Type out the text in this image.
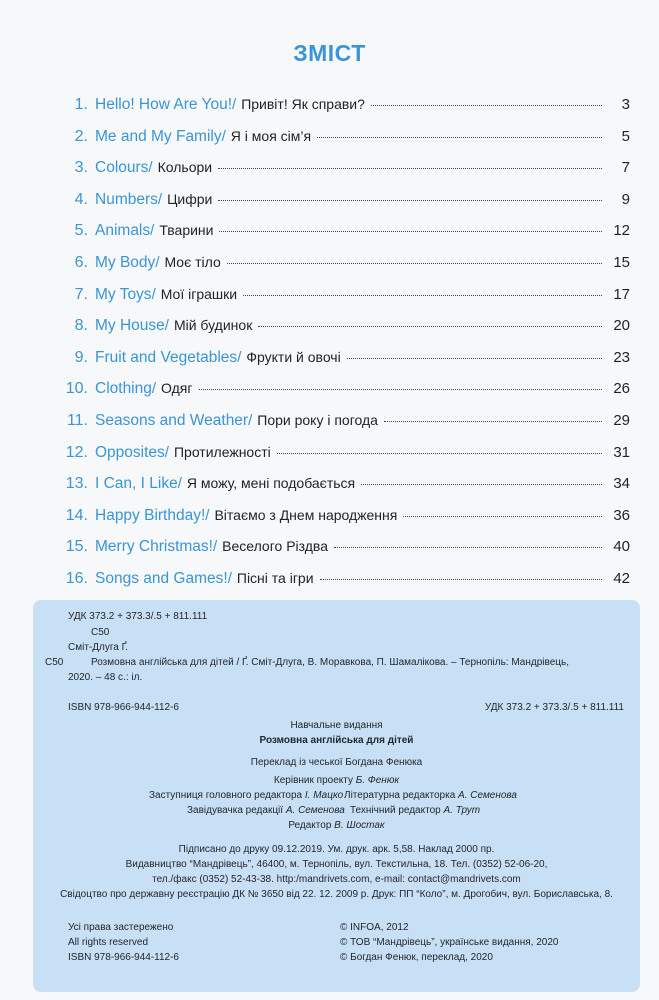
ЗМІСТ
1. Hello! How Are You! / Привіт! Як справи?	3
2. Me and My Family / Я і моя сім’я	5
3. Colours / Кольори	7
4. Numbers / Цифри	9
5. Animals / Тварини	12
6. My Body / Моє тіло	15
7. My Toys / Мої іграшки	17
8. My House / Мій будинок	20
9. Fruit and Vegetables / Фрукти й овочі	23
10. Clothing / Одяг	26
11. Seasons and Weather / Пори року і погода	29
12. Opposites / Протилежності	31
13. I Can, I Like / Я можу, мені подобається	34
14. Happy Birthday! / Вітаємо з Днем народження	36
15. Merry Christmas! / Веселого Різдва	40
16. Songs and Games! / Пісні та ігри	42
УДК 373.2 + 373.3/.5 + 811.111
С50
Сміт-Длуга Ґ.
С50	Розмовна англійська для дітей / Ґ. Сміт-Длуга, В. Моравкова, П. Шамалікова. – Тернопіль: Мандрівець,
2020. – 48 с.: іл.
ISBN 978-966-944-112-6	УДК 373.2 + 373.3/.5 + 811.111
Навчальне видання
Розмовна англійська для дітей
Переклад із чеської Богдана Фенюка
Керівник проекту Б. Фенюк
Заступниця головного редактора І. Мацко Літературна редакторка А. Семенова
Завідувачка редакції А. Семенова Технічний редактор А. Трут
Редактор В. Шостак
Підписано до друку 09.12.2019. Ум. друк. арк. 5,58. Наклад 2000 пр.
Видавництво “Мандрівець”, 46400, м. Тернопіль, вул. Текстильна, 18. Тел. (0352) 52-06-20,
тел./факс (0352) 52-43-38. http:/mandrivets.com, e-mail: contact@mandrivets.com
Свідоцтво про державну реєстрацію ДК № 3650 від 22. 12. 2009 р. Друк: ПП “Коло”, м. Дрогобич, вул. Бориславська, 8.
Усі права застережено
All rights reserved
ISBN 978-966-944-112-6
© INFOA, 2012
© ТОВ “Мандрівець”, українське видання, 2020
© Богдан Фенюк, переклад, 2020
